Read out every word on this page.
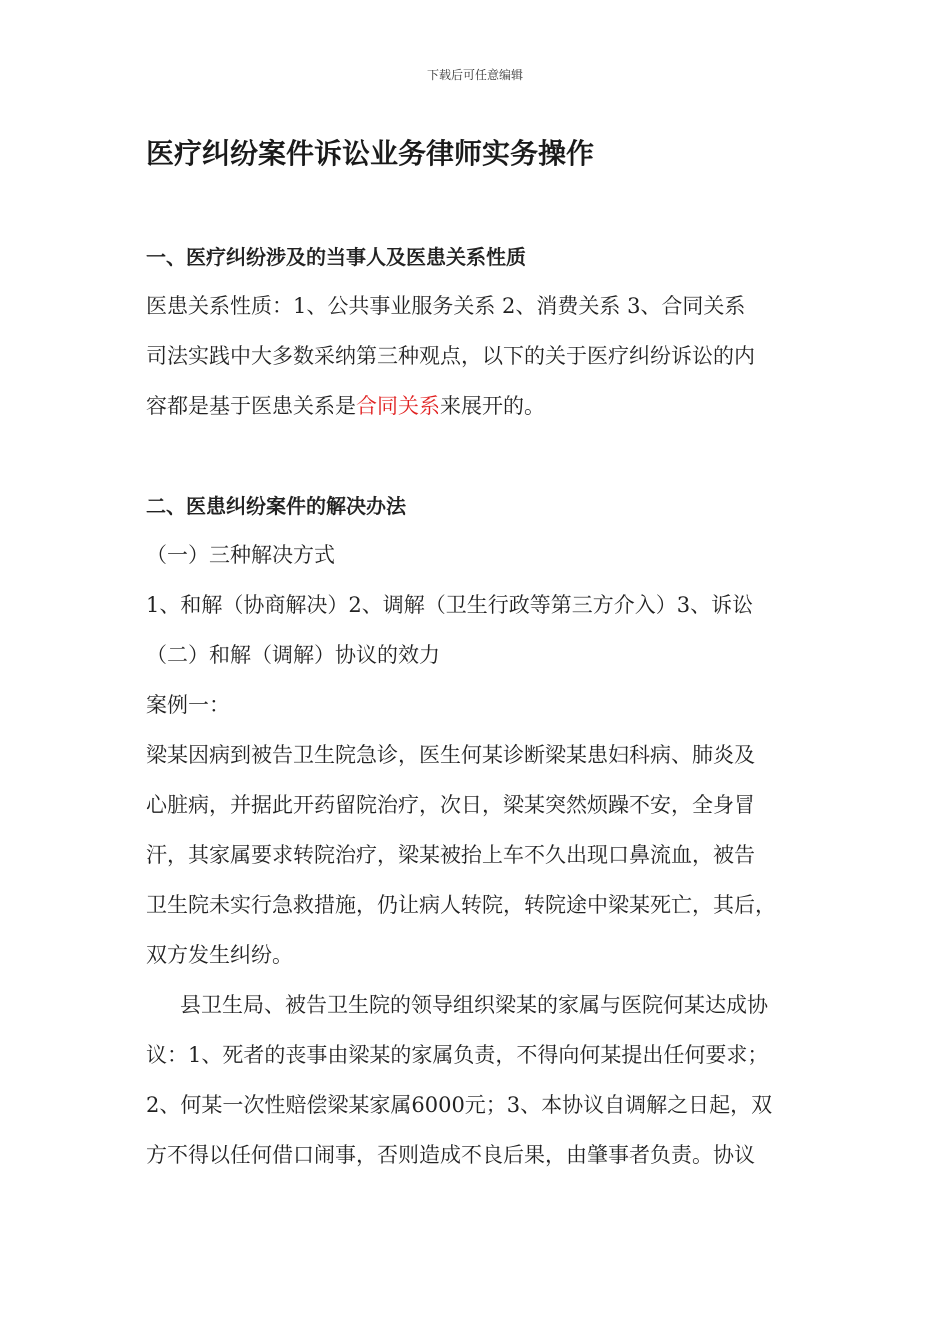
下载后可任意编辑
医疗纠纷案件诉讼业务律师实务操作
一、医疗纠纷涉及的当事人及医患关系性质
医患关系性质：1、公共事业服务关系 2、消费关系 3、合同关系
司法实践中大多数采纳第三种观点，以下的关于医疗纠纷诉讼的内
容都是基于医患关系是合同关系来展开的。
二、医患纠纷案件的解决办法
（一）三种解决方式
1、和解（协商解决）2、调解（卫生行政等第三方介入）3、诉讼
（二）和解（调解）协议的效力
案例一：
梁某因病到被告卫生院急诊，医生何某诊断梁某患妇科病、肺炎及
心脏病，并据此开药留院治疗，次日，梁某突然烦躁不安，全身冒
汗，其家属要求转院治疗，梁某被抬上车不久出现口鼻流血，被告
卫生院未实行急救措施，仍让病人转院，转院途中梁某死亡，其后，
双方发生纠纷。
县卫生局、被告卫生院的领导组织梁某的家属与医院何某达成协
议：1、死者的丧事由梁某的家属负责，不得向何某提出任何要求；
2、何某一次性赔偿梁某家属6000元；3、本协议自调解之日起，双
方不得以任何借口闹事，否则造成不良后果，由肇事者负责。协议
